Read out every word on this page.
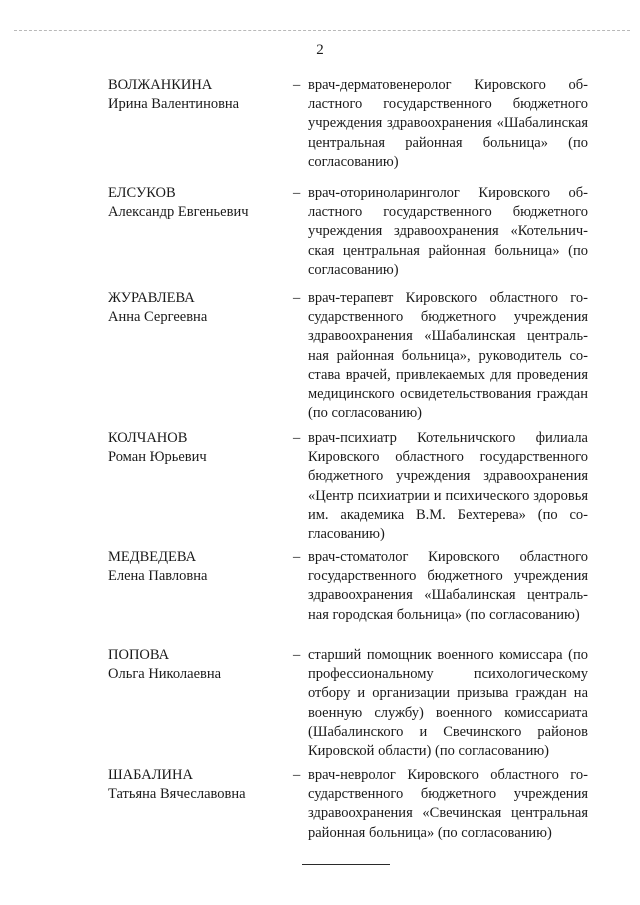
2
ВОЛЖАНКИНА
Ирина Валентиновна
– врач-дерматовенеролог Кировского областного государственного бюджетного учреждения здравоохранения «Шабалинская центральная районная больница» (по согласованию)
ЕЛСУКОВ
Александр Евгеньевич
– врач-оториноларинголог Кировского областного государственного бюджетного учреждения здравоохранения «Котельничская центральная районная больница» (по согласованию)
ЖУРАВЛЕВА
Анна Сергеевна
– врач-терапевт Кировского областного государственного бюджетного учреждения здравоохранения «Шабалинская центральная районная больница», руководитель состава врачей, привлекаемых для проведения медицинского освидетельствования граждан (по согласованию)
КОЛЧАНОВ
Роман Юрьевич
– врач-психиатр Котельничского филиала Кировского областного государственного бюджетного учреждения здравоохранения «Центр психиатрии и психического здоровья им. академика В.М. Бехтерева» (по согласованию)
МЕДВЕДЕВА
Елена Павловна
– врач-стоматолог Кировского областного государственного бюджетного учреждения здравоохранения «Шабалинская центральная городская больница» (по согласованию)
ПОПОВА
Ольга Николаевна
– старший помощник военного комиссара (по профессиональному психологическому отбору и организации призыва граждан на военную службу) военного комиссариата (Шабалинского и Свечинского районов Кировской области) (по согласованию)
ШАБАЛИНА
Татьяна Вячеславовна
– врач-невролог Кировского областного государственного бюджетного учреждения здравоохранения «Свечинская центральная районная больница» (по согласованию)
